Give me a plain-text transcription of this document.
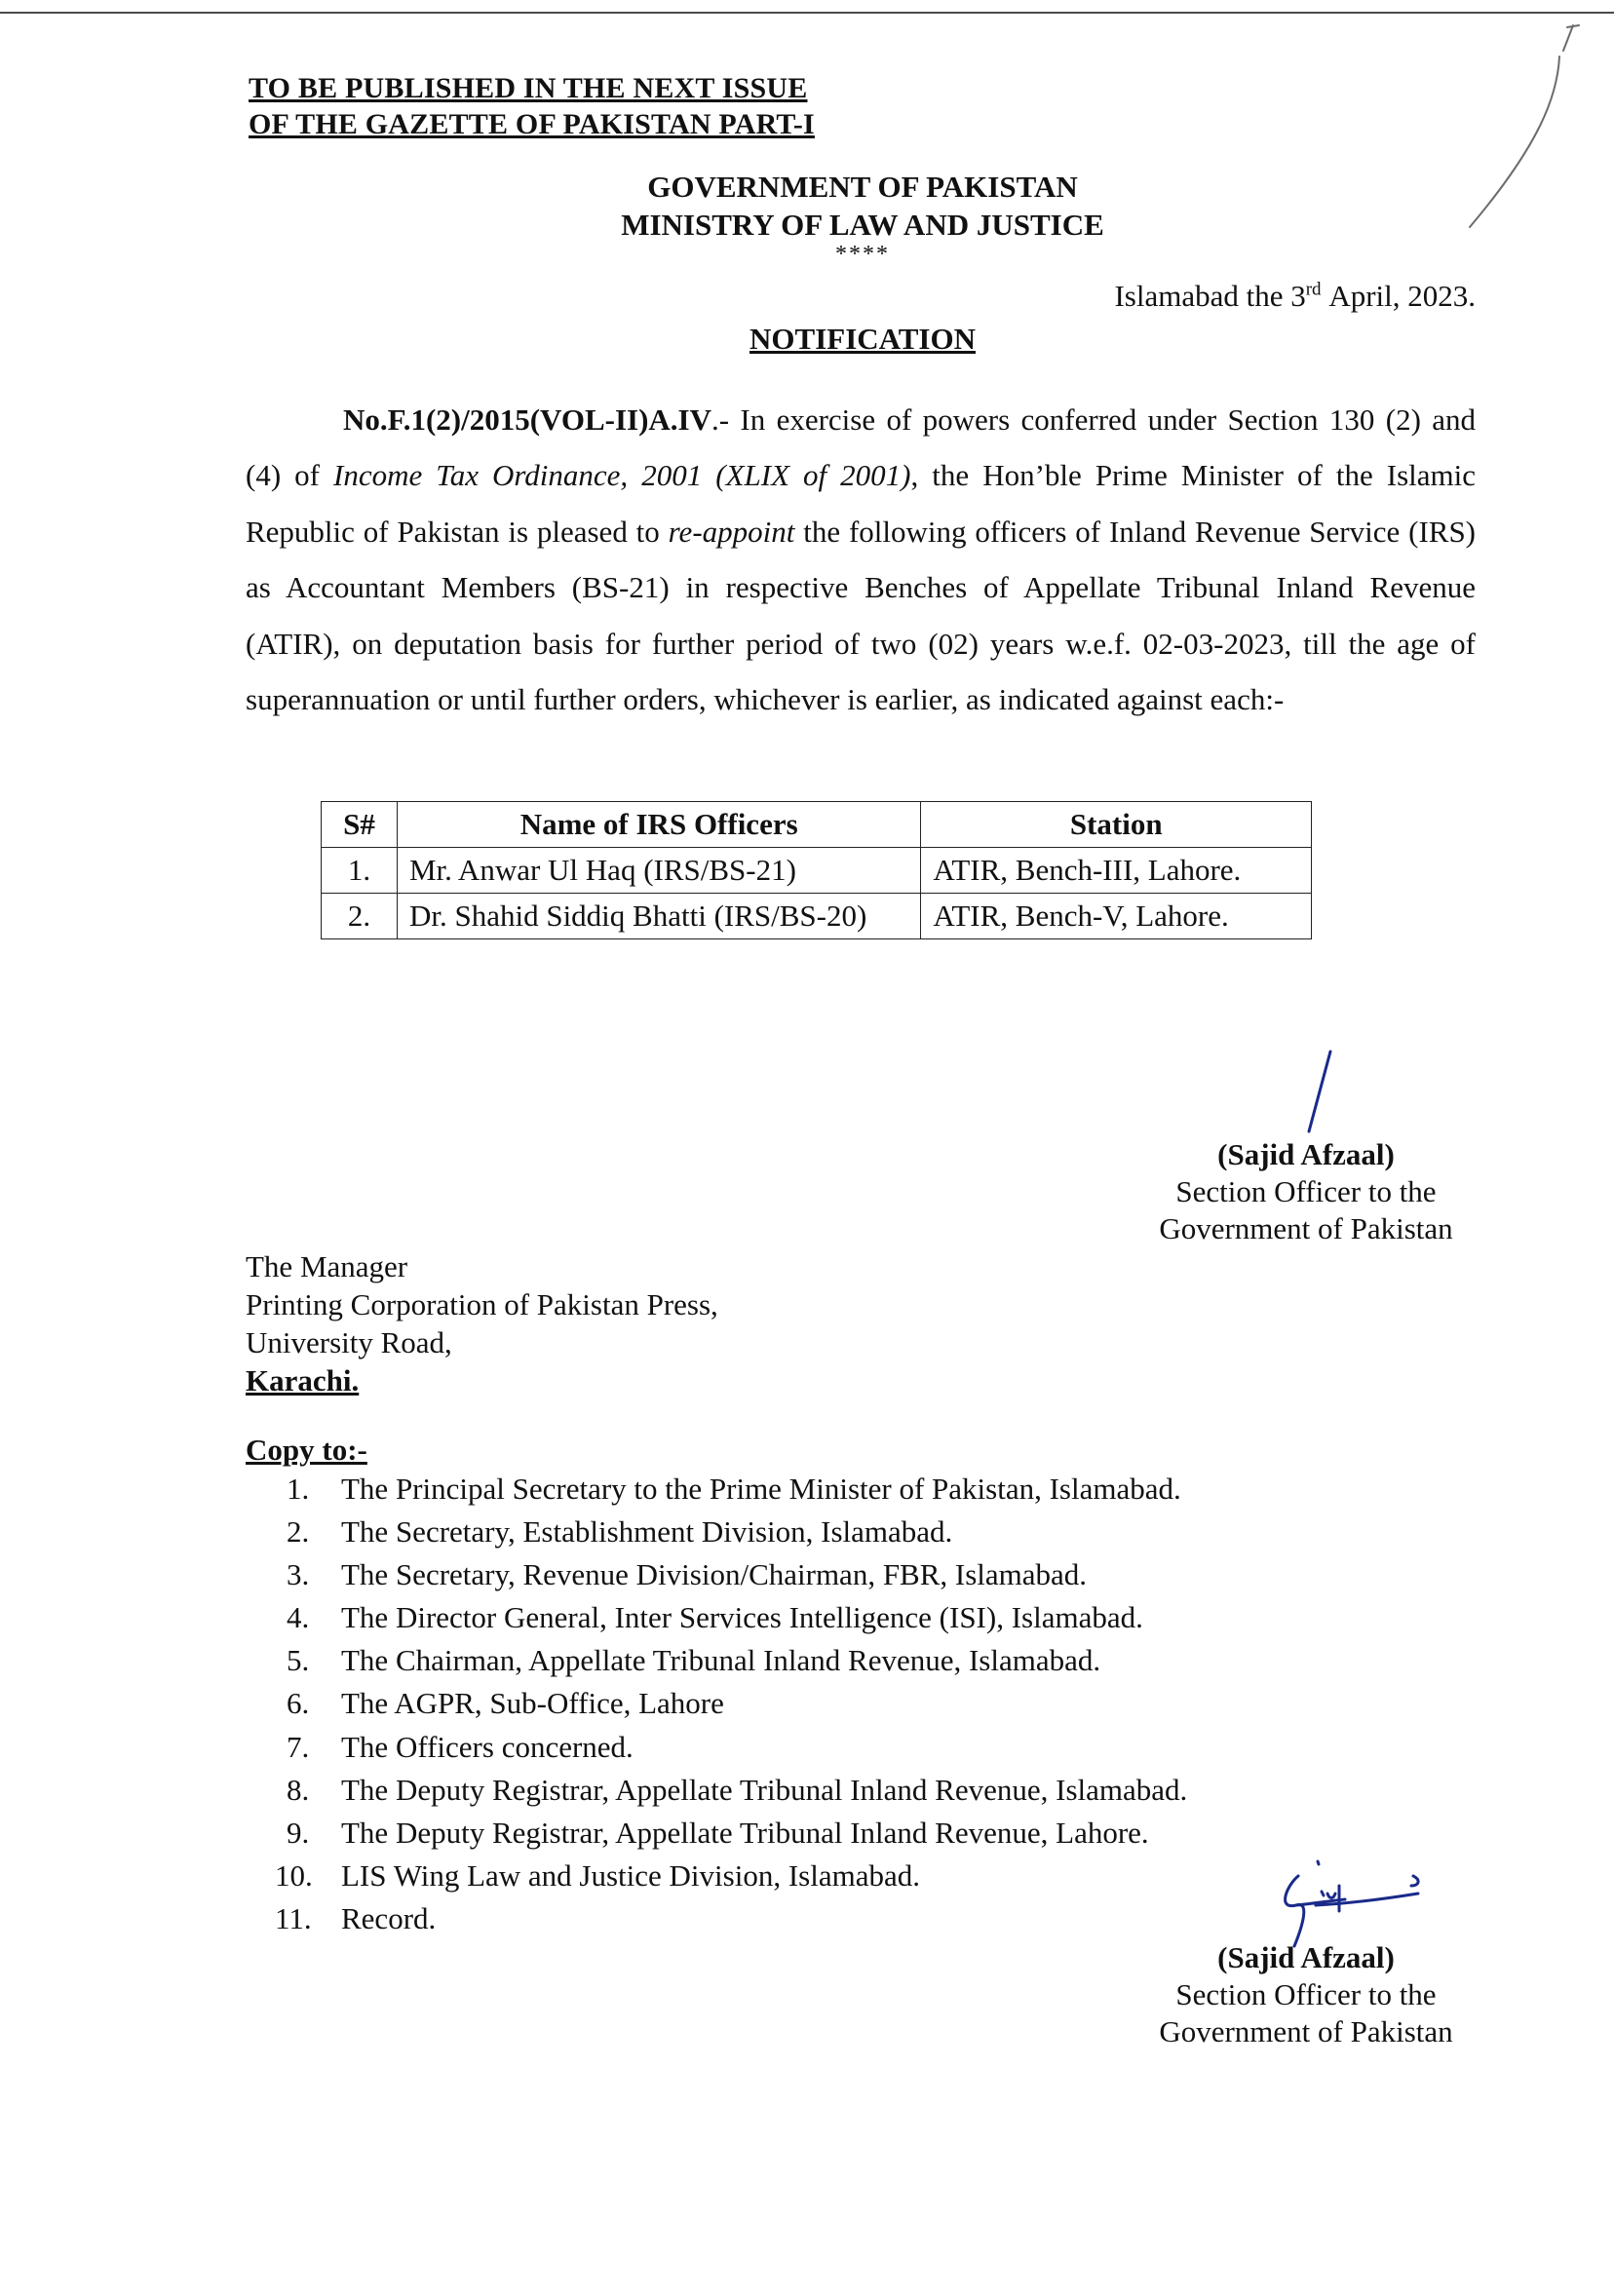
TO BE PUBLISHED IN THE NEXT ISSUE
OF THE GAZETTE OF PAKISTAN PART-I
GOVERNMENT OF PAKISTAN
MINISTRY OF LAW AND JUSTICE
****
Islamabad the 3rd April, 2023.
NOTIFICATION
No.F.1(2)/2015(VOL-II)A.IV.- In exercise of powers conferred under Section 130 (2) and (4) of Income Tax Ordinance, 2001 (XLIX of 2001), the Hon’ble Prime Minister of the Islamic Republic of Pakistan is pleased to re-appoint the following officers of Inland Revenue Service (IRS) as Accountant Members (BS-21) in respective Benches of Appellate Tribunal Inland Revenue (ATIR), on deputation basis for further period of two (02) years w.e.f. 02-03-2023, till the age of superannuation or until further orders, whichever is earlier, as indicated against each:-
S#	Name of IRS Officers	Station
1.	Mr. Anwar Ul Haq (IRS/BS-21)	ATIR, Bench-III, Lahore.
2.	Dr. Shahid Siddiq Bhatti (IRS/BS-20)	ATIR, Bench-V, Lahore.
(Sajid Afzaal)
Section Officer to the
Government of Pakistan
The Manager
Printing Corporation of Pakistan Press,
University Road,
Karachi.
Copy to:-
1. The Principal Secretary to the Prime Minister of Pakistan, Islamabad.
2. The Secretary, Establishment Division, Islamabad.
3. The Secretary, Revenue Division/Chairman, FBR, Islamabad.
4. The Director General, Inter Services Intelligence (ISI), Islamabad.
5. The Chairman, Appellate Tribunal Inland Revenue, Islamabad.
6. The AGPR, Sub-Office, Lahore
7. The Officers concerned.
8. The Deputy Registrar, Appellate Tribunal Inland Revenue, Islamabad.
9. The Deputy Registrar, Appellate Tribunal Inland Revenue, Lahore.
10. LIS Wing Law and Justice Division, Islamabad.
11. Record.
(Sajid Afzaal)
Section Officer to the
Government of Pakistan
